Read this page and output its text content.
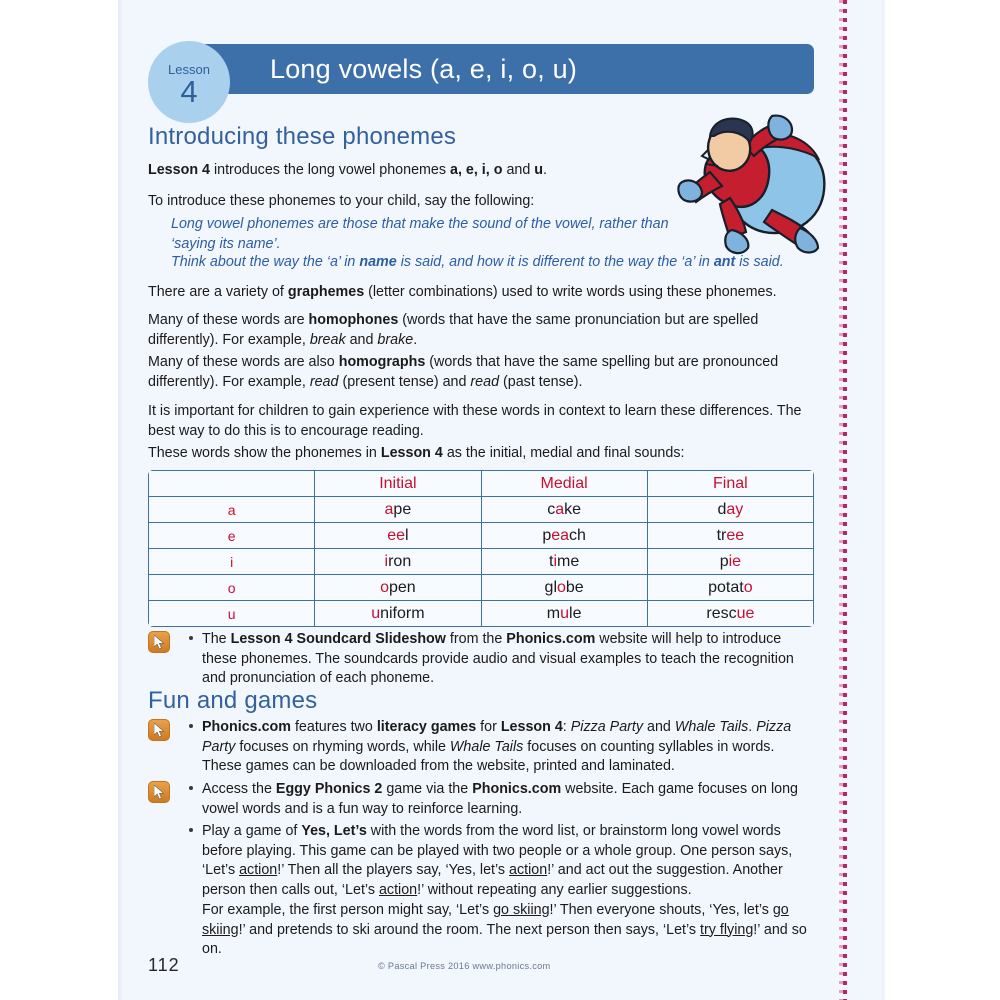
Long vowels (a, e, i, o, u)
Lesson
4
Introducing these phonemes

Lesson 4 introduces the long vowel phonemes a, e, i, o and u.

To introduce these phonemes to your child, say the following:

Long vowel phonemes are those that make the sound of the vowel, rather than ‘saying its name’.

Think about the way the ‘a’ in name is said, and how it is different to the way the ‘a’ in ant is said.

There are a variety of graphemes (letter combinations) used to write words using these phonemes.

Many of these words are homophones (words that have the same pronunciation but are spelled differently). For example, break and brake.

Many of these words are also homographs (words that have the same spelling but are pronounced differently). For example, read (present tense) and read (past tense).

It is important for children to gain experience with these words in context to learn these differences. The best way to do this is to encourage reading.

These words show the phonemes in Lesson 4 as the initial, medial and final sounds:

	Initial	Medial	Final
a	ape	cake	day
e	eel	peach	tree
i	iron	time	pie
o	open	globe	potato
u	uniform	mule	rescue

The Lesson 4 Soundcard Slideshow from the Phonics.com website will help to introduce these phonemes. The soundcards provide audio and visual examples to teach the recognition and pronunciation of each phoneme.

Fun and games

Phonics.com features two literacy games for Lesson 4: Pizza Party and Whale Tails. Pizza Party focuses on rhyming words, while Whale Tails focuses on counting syllables in words. These games can be downloaded from the website, printed and laminated.

Access the Eggy Phonics 2 game via the Phonics.com website. Each game focuses on long vowel words and is a fun way to reinforce learning.

Play a game of Yes, Let’s with the words from the word list, or brainstorm long vowel words before playing. This game can be played with two people or a whole group. One person says, ‘Let’s action!’ Then all the players say, ‘Yes, let’s action!’ and act out the suggestion. Another person then calls out, ‘Let’s action!’ without repeating any earlier suggestions.

For example, the first person might say, ‘Let’s go skiing!’ Then everyone shouts, ‘Yes, let’s go skiing!’ and pretends to ski around the room. The next person then says, ‘Let’s try flying!’ and so on.

112	© Pascal Press 2016 www.phonics.com
